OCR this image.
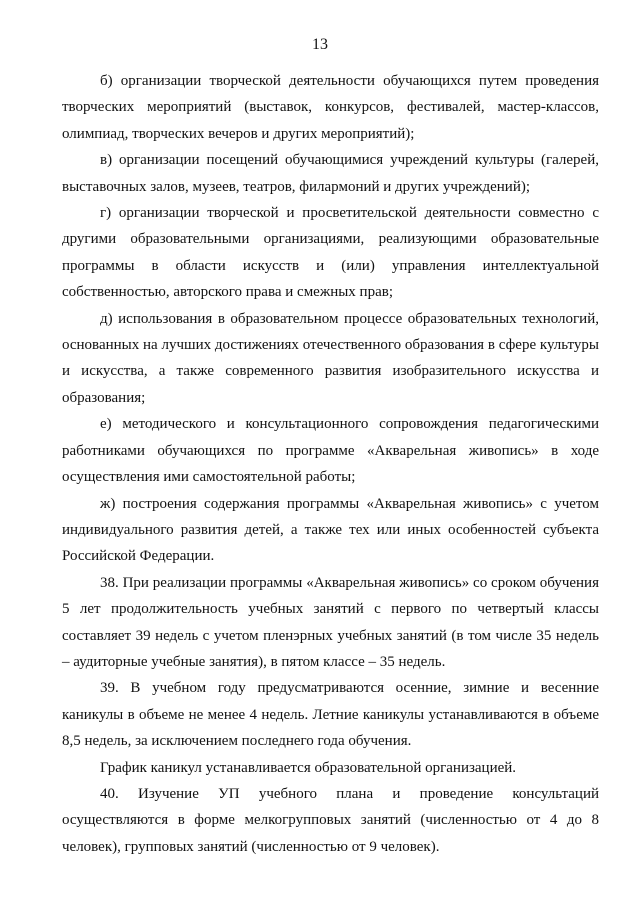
13

б) организации творческой деятельности обучающихся путем проведения творческих мероприятий (выставок, конкурсов, фестивалей, мастер-классов, олимпиад, творческих вечеров и других мероприятий);

в) организации посещений обучающимися учреждений культуры (галерей, выставочных залов, музеев, театров, филармоний и других учреждений);

г) организации творческой и просветительской деятельности совместно с другими образовательными организациями, реализующими образовательные программы в области искусств и (или) управления интеллектуальной собственностью, авторского права и смежных прав;

д) использования в образовательном процессе образовательных технологий, основанных на лучших достижениях отечественного образования в сфере культуры и искусства, а также современного развития изобразительного искусства и образования;

е) методического и консультационного сопровождения педагогическими работниками обучающихся по программе «Акварельная живопись» в ходе осуществления ими самостоятельной работы;

ж) построения содержания программы «Акварельная живопись» с учетом индивидуального развития детей, а также тех или иных особенностей субъекта Российской Федерации.

38. При реализации программы «Акварельная живопись» со сроком обучения 5 лет продолжительность учебных занятий с первого по четвертый классы составляет 39 недель с учетом пленэрных учебных занятий (в том числе 35 недель – аудиторные учебные занятия), в пятом классе – 35 недель.

39. В учебном году предусматриваются осенние, зимние и весенние каникулы в объеме не менее 4 недель. Летние каникулы устанавливаются в объеме 8,5 недель, за исключением последнего года обучения.

График каникул устанавливается образовательной организацией.

40. Изучение УП учебного плана и проведение консультаций осуществляются в форме мелкогрупповых занятий (численностью от 4 до 8 человек), групповых занятий (численностью от 9 человек).
